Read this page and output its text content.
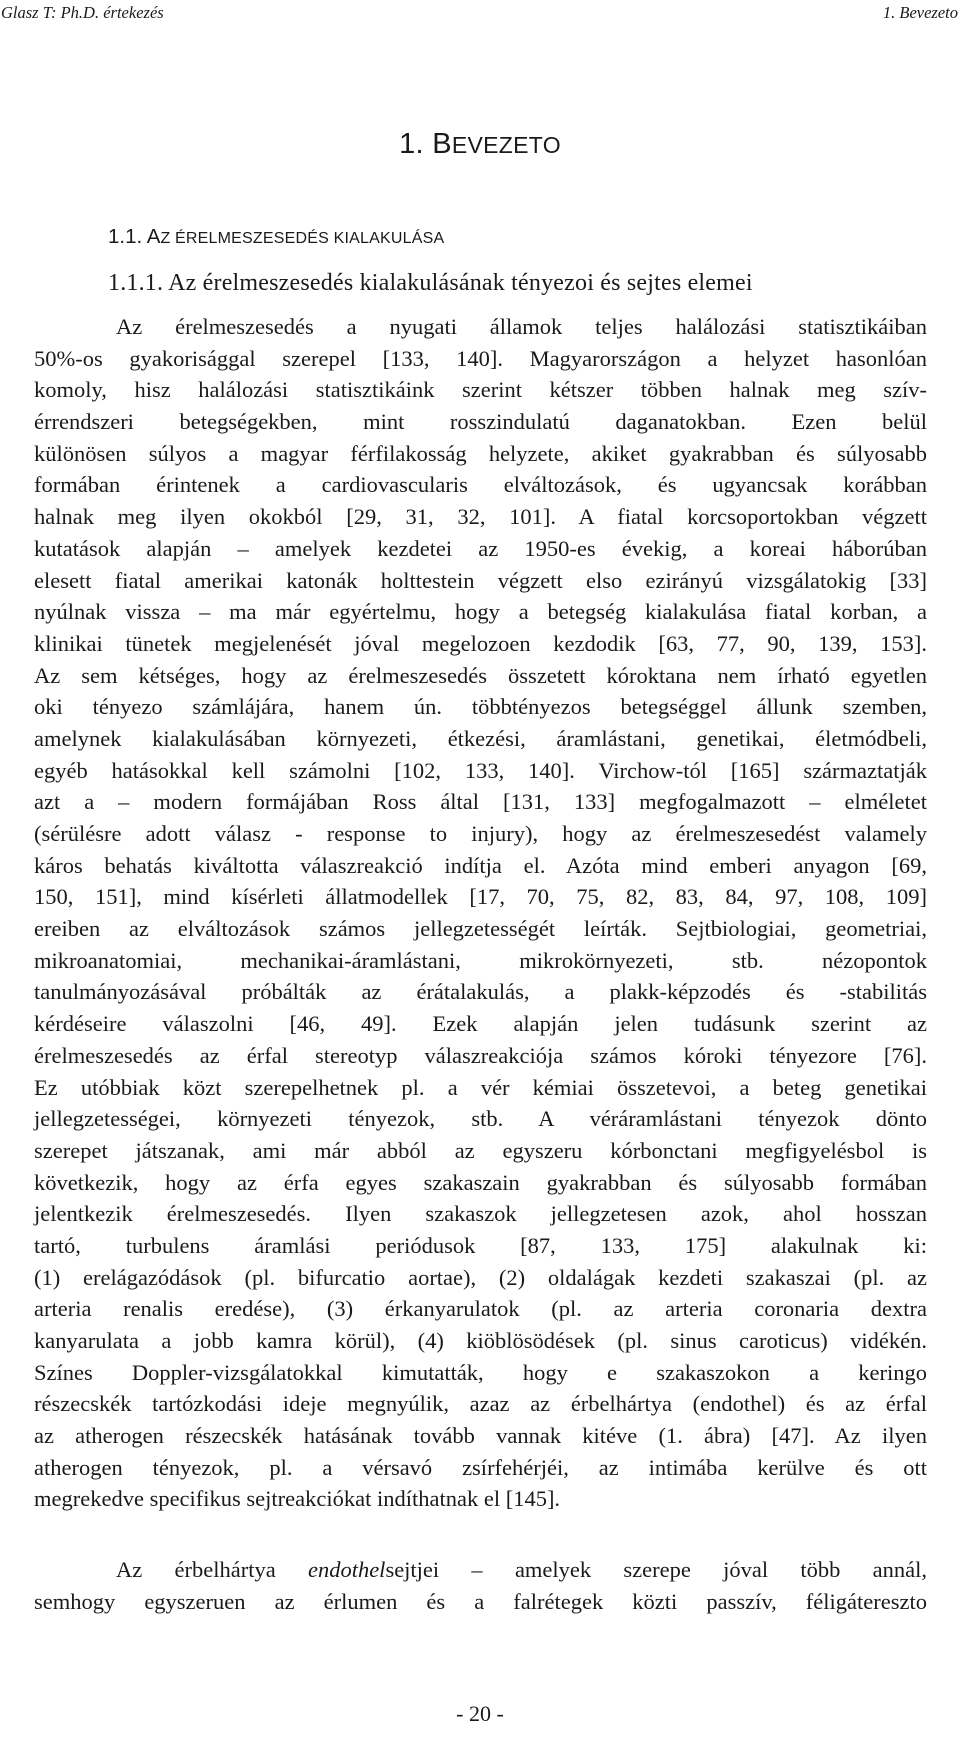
Glasz T: Ph.D. értekezés	1. Bevezeto
1. BEVEZETO
1.1. AZ ÉRELMESZESEDÉS KIALAKULÁSA
1.1.1. Az érelmeszesedés kialakulásának tényezoi és sejtes elemei
Az érelmeszesedés a nyugati államok teljes halálozási statisztikáiban
50%-os gyakorisággal szerepel [133, 140]. Magyarországon a helyzet hasonlóan
komoly, hisz halálozási statisztikáink szerint kétszer többen halnak meg szív-
érrendszeri betegségekben, mint rosszindulatú daganatokban. Ezen belül
különösen súlyos a magyar férfilakosság helyzete, akiket gyakrabban és súlyosabb
formában érintenek a cardiovascularis elváltozások, és ugyancsak korábban
halnak meg ilyen okokból [29, 31, 32, 101]. A fiatal korcsoportokban végzett
kutatások alapján – amelyek kezdetei az 1950-es évekig, a koreai háborúban
elesett fiatal amerikai katonák holttestein végzett elso ezirányú vizsgálatokig [33]
nyúlnak vissza – ma már egyértelmu, hogy a betegség kialakulása fiatal korban, a
klinikai tünetek megjelenését jóval megelozoen kezdodik [63, 77, 90, 139, 153].
Az sem kétséges, hogy az érelmeszesedés összetett kóroktana nem írható egyetlen
oki tényezo számlájára, hanem ún. többtényezos betegséggel állunk szemben,
amelynek kialakulásában környezeti, étkezési, áramlástani, genetikai, életmódbeli,
egyéb hatásokkal kell számolni [102, 133, 140]. Virchow-tól [165] származtatják
azt a – modern formájában Ross által [131, 133] megfogalmazott – elméletet
(sérülésre adott válasz - response to injury), hogy az érelmeszesedést valamely
káros behatás kiváltotta válaszreakció indítja el. Azóta mind emberi anyagon [69,
150, 151], mind kísérleti állatmodellek [17, 70, 75, 82, 83, 84, 97, 108, 109]
ereiben az elváltozások számos jellegzetességét leírták. Sejtbiologiai, geometriai,
mikroanatomiai, mechanikai-áramlástani, mikrokörnyezeti, stb. nézopontok
tanulmányozásával próbálták az érátalakulás, a plakk-képzodés és -stabilitás
kérdéseire válaszolni [46, 49]. Ezek alapján jelen tudásunk szerint az
érelmeszesedés az érfal stereotyp válaszreakciója számos kóroki tényezore [76].
Ez utóbbiak közt szerepelhetnek pl. a vér kémiai összetevoi, a beteg genetikai
jellegzetességei, környezeti tényezok, stb. A véráramlástani tényezok dönto
szerepet játszanak, ami már abból az egyszeru kórbonctani megfigyelésbol is
következik, hogy az érfa egyes szakaszain gyakrabban és súlyosabb formában
jelentkezik érelmeszesedés. Ilyen szakaszok jellegzetesen azok, ahol hosszan
tartó, turbulens áramlási periódusok [87, 133, 175] alakulnak ki:
(1) erelágazódások (pl. bifurcatio aortae), (2) oldalágak kezdeti szakaszai (pl. az
arteria renalis eredése), (3) érkanyarulatok (pl. az arteria coronaria dextra
kanyarulata a jobb kamra körül), (4) kiöblösödések (pl. sinus caroticus) vidékén.
Színes Doppler-vizsgálatokkal kimutatták, hogy e szakaszokon a keringo
részecskék tartózkodási ideje megnyúlik, azaz az érbelhártya (endothel) és az érfal
az atherogen részecskék hatásának tovább vannak kitéve (1. ábra) [47]. Az ilyen
atherogen tényezok, pl. a vérsavó zsírfehérjéi, az intimába kerülve és ott
megrekedve specifikus sejtreakciókat indíthatnak el [145].
Az érbelhártya endothelsejtjei – amelyek szerepe jóval több annál,
semhogy egyszeruen az érlumen és a falrétegek közti passzív, féligátereszto
- 20 -
